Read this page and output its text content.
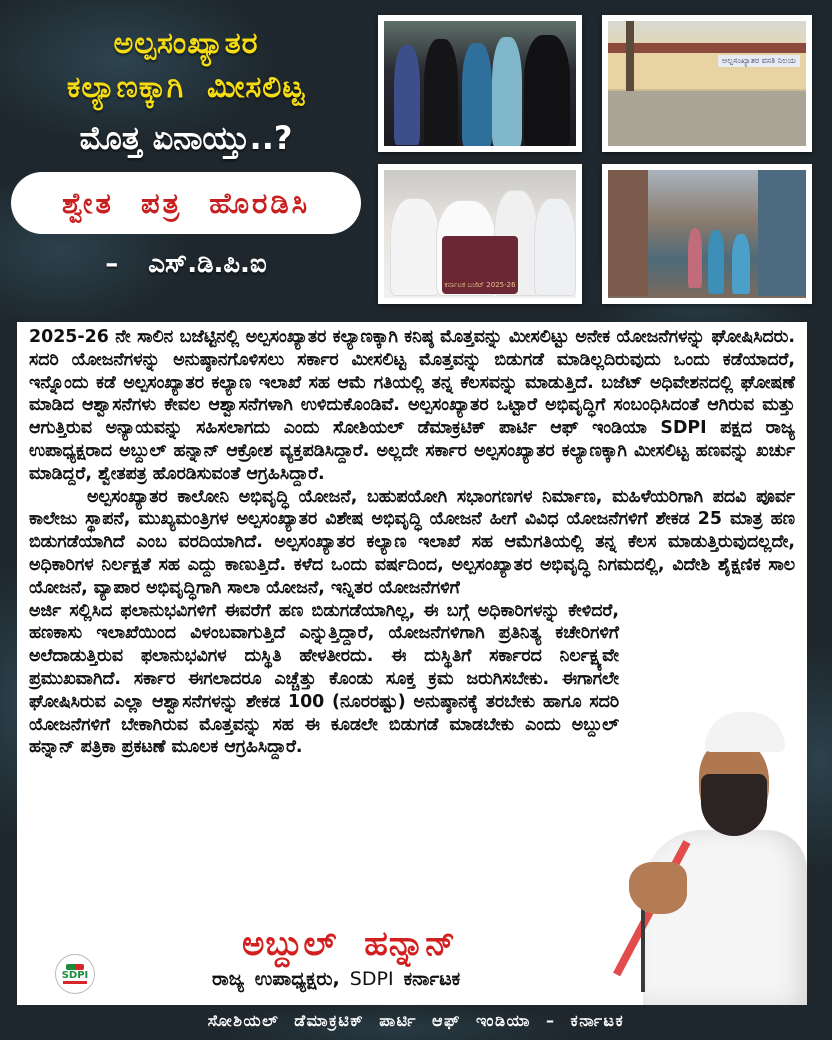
ಅಲ್ಪಸಂಖ್ಯಾತರ
ಕಲ್ಯಾಣಕ್ಕಾಗಿ  ಮೀಸಲಿಟ್ಟ
ಮೊತ್ತ ಏನಾಯ್ತು..?
ಶ್ವೇತ ಪತ್ರ ಹೊರಡಿಸಿ
– ಎಸ್.ಡಿ.ಪಿ.ಐ
ಅಲ್ಪಸಂಖ್ಯಾತರ ವಸತಿ ನಿಲಯ
ಕರ್ನಾಟಕ ಬಜೆಟ್ 2025-26

2025-26 ನೇ ಸಾಲಿನ ಬಜೆಟ್ಟಿನಲ್ಲಿ ಅಲ್ಪಸಂಖ್ಯಾತರ ಕಲ್ಯಾಣಕ್ಕಾಗಿ ಕನಿಷ್ಠ ಮೊತ್ತವನ್ನು ಮೀಸಲಿಟ್ಟು ಅನೇಕ ಯೋಜನೆಗಳನ್ನು ಘೋಷಿಸಿದರು. ಸದರಿ ಯೋಜನೆಗಳನ್ನು ಅನುಷ್ಠಾನಗೊಳಿಸಲು ಸರ್ಕಾರ ಮೀಸಲಿಟ್ಟ ಮೊತ್ತವನ್ನು ಬಿಡುಗಡೆ ಮಾಡಿಲ್ಲದಿರುವುದು ಒಂದು ಕಡೆಯಾದರೆ, ಇನ್ನೊಂದು ಕಡೆ ಅಲ್ಪಸಂಖ್ಯಾತರ ಕಲ್ಯಾಣ ಇಲಾಖೆ ಸಹ ಆಮೆ ಗತಿಯಲ್ಲಿ ತನ್ನ ಕೆಲಸವನ್ನು ಮಾಡುತ್ತಿದೆ. ಬಜೆಟ್ ಅಧಿವೇಶನದಲ್ಲಿ ಘೋಷಣೆ ಮಾಡಿದ ಆಶ್ವಾಸನೆಗಳು ಕೇವಲ ಆಶ್ವಾಸನೆಗಳಾಗಿ ಉಳಿದುಕೊಂಡಿವೆ. ಅಲ್ಪಸಂಖ್ಯಾತರ ಒಟ್ಟಾರೆ ಅಭಿವೃದ್ಧಿಗೆ ಸಂಬಂಧಿಸಿದಂತೆ ಆಗಿರುವ ಮತ್ತು ಆಗುತ್ತಿರುವ ಅನ್ಯಾಯವನ್ನು ಸಹಿಸಲಾಗದು ಎಂದು ಸೋಶಿಯಲ್ ಡೆಮಾಕ್ರಟಿಕ್ ಪಾರ್ಟಿ ಆಫ್ ಇಂಡಿಯಾ SDPI ಪಕ್ಷದ ರಾಜ್ಯ ಉಪಾಧ್ಯಕ್ಷರಾದ ಅಬ್ದುಲ್ ಹನ್ನಾನ್ ಆಕ್ರೋಶ ವ್ಯಕ್ತಪಡಿಸಿದ್ದಾರೆ. ಅಲ್ಲದೇ ಸರ್ಕಾರ ಅಲ್ಪಸಂಖ್ಯಾತರ ಕಲ್ಯಾಣಕ್ಕಾಗಿ ಮೀಸಲಿಟ್ಟ ಹಣವನ್ನು ಖರ್ಚು ಮಾಡಿದ್ದರೆ, ಶ್ವೇತಪತ್ರ ಹೊರಡಿಸುವಂತೆ ಆಗ್ರಹಿಸಿದ್ದಾರೆ.

ಅಲ್ಪಸಂಖ್ಯಾತರ ಕಾಲೋನಿ ಅಭಿವೃದ್ಧಿ ಯೋಜನೆ, ಬಹುಪಯೋಗಿ ಸಭಾಂಗಣಗಳ ನಿರ್ಮಾಣ, ಮಹಿಳೆಯರಿಗಾಗಿ ಪದವಿ ಪೂರ್ವ ಕಾಲೇಜು ಸ್ಥಾಪನೆ, ಮುಖ್ಯಮಂತ್ರಿಗಳ ಅಲ್ಪಸಂಖ್ಯಾತರ ವಿಶೇಷ ಅಭಿವೃದ್ಧಿ ಯೋಜನೆ ಹೀಗೆ ವಿವಿಧ ಯೋಜನೆಗಳಿಗೆ ಶೇಕಡ 25 ಮಾತ್ರ ಹಣ ಬಿಡುಗಡೆಯಾಗಿದೆ ಎಂಬ ವರದಿಯಾಗಿದೆ. ಅಲ್ಪಸಂಖ್ಯಾತರ ಕಲ್ಯಾಣ ಇಲಾಖೆ ಸಹ ಆಮೆಗತಿಯಲ್ಲಿ ತನ್ನ ಕೆಲಸ ಮಾಡುತ್ತಿರುವುದಲ್ಲದೇ, ಅಧಿಕಾರಿಗಳ ನಿರ್ಲಕ್ಷತೆ ಸಹ ಎದ್ದು ಕಾಣುತ್ತಿದೆ. ಕಳೆದ ಒಂದು ವರ್ಷದಿಂದ, ಅಲ್ಪಸಂಖ್ಯಾತರ ಅಭಿವೃದ್ಧಿ ನಿಗಮದಲ್ಲಿ, ವಿದೇಶಿ ಶೈಕ್ಷಣಿಕ ಸಾಲ ಯೋಜನೆ, ವ್ಯಾಪಾರ ಅಭಿವೃದ್ಧಿಗಾಗಿ ಸಾಲಾ ಯೋಜನೆ, ಇನ್ನಿತರ ಯೋಜನೆಗಳಿಗೆ

ಅರ್ಜಿ ಸಲ್ಲಿಸಿದ ಫಲಾನುಭವಿಗಳಿಗೆ ಈವರೆಗೆ ಹಣ ಬಿಡುಗಡೆಯಾಗಿಲ್ಲ, ಈ ಬಗ್ಗೆ ಅಧಿಕಾರಿಗಳನ್ನು ಕೇಳಿದರೆ, ಹಣಕಾಸು ಇಲಾಖೆಯಿಂದ ವಿಳಂಬವಾಗುತ್ತಿದೆ ಎನ್ನುತ್ತಿದ್ದಾರೆ, ಯೋಜನೆಗಳಿಗಾಗಿ ಪ್ರತಿನಿತ್ಯ ಕಚೇರಿಗಳಿಗೆ ಅಲೆದಾಡುತ್ತಿರುವ ಫಲಾನುಭವಿಗಳ ದುಸ್ಥಿತಿ ಹೇಳತೀರದು. ಈ ದುಸ್ಥಿತಿಗೆ ಸರ್ಕಾರದ ನಿರ್ಲಕ್ಷ್ಯವೇ ಪ್ರಮುಖವಾಗಿದೆ. ಸರ್ಕಾರ ಈಗಲಾದರೂ ಎಚ್ಚೆತ್ತು ಕೊಂಡು ಸೂಕ್ತ ಕ್ರಮ ಜರುಗಿಸಬೇಕು. ಈಗಾಗಲೇ ಘೋಷಿಸಿರುವ ಎಲ್ಲಾ ಆಶ್ವಾಸನೆಗಳನ್ನು ಶೇಕಡ 100 (ನೂರರಷ್ಟು) ಅನುಷ್ಠಾನಕ್ಕೆ ತರಬೇಕು ಹಾಗೂ ಸದರಿ ಯೋಜನೆಗಳಿಗೆ ಬೇಕಾಗಿರುವ ಮೊತ್ತವನ್ನು ಸಹ ಈ ಕೂಡಲೇ ಬಿಡುಗಡೆ ಮಾಡಬೇಕು ಎಂದು ಅಬ್ದುಲ್ ಹನ್ನಾನ್ ಪತ್ರಿಕಾ ಪ್ರಕಟಣೆ ಮೂಲಕ ಆಗ್ರಹಿಸಿದ್ದಾರೆ.

ಅಬ್ದುಲ್ ಹನ್ನಾನ್
ರಾಜ್ಯ ಉಪಾಧ್ಯಕ್ಷರು, SDPI ಕರ್ನಾಟಕ
SDPI
ಸೋಶಿಯಲ್ ಡೆಮಾಕ್ರಟಿಕ್ ಪಾರ್ಟಿ ಆಫ್ ಇಂಡಿಯಾ – ಕರ್ನಾಟಕ
